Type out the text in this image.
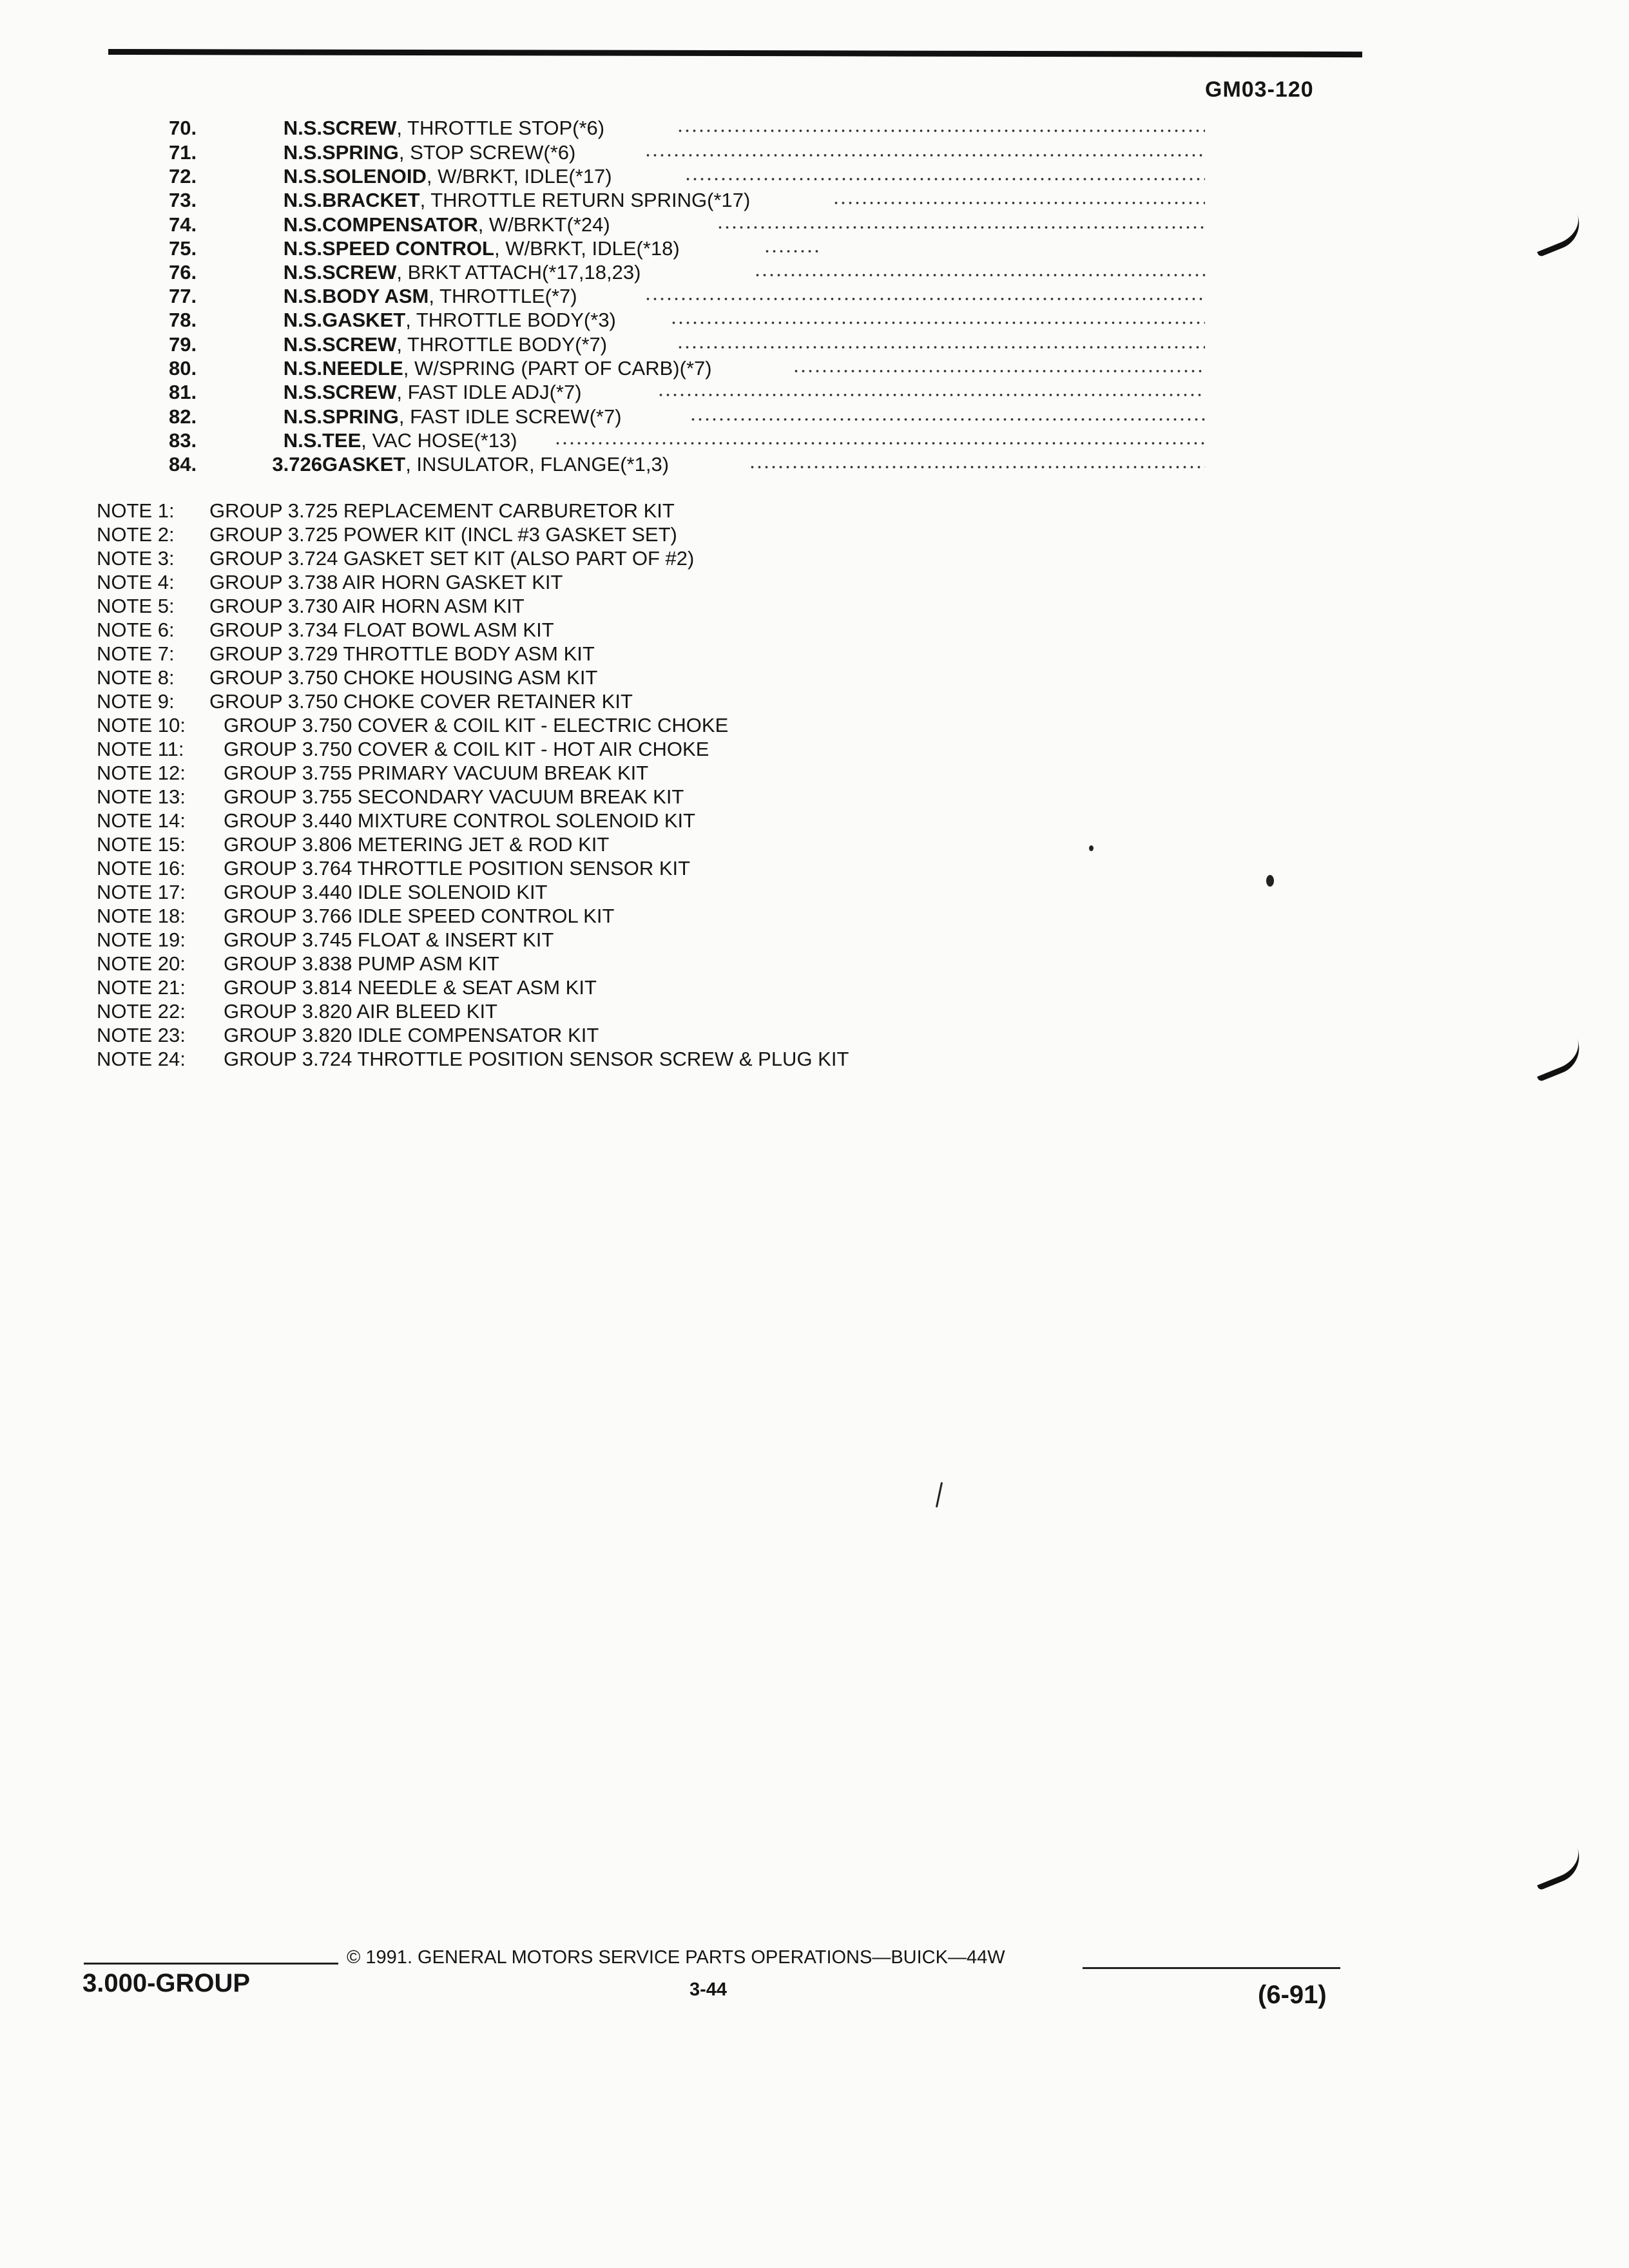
GM03-120
70.	N.S. SCREW, THROTTLE STOP(*6)
71.	N.S. SPRING, STOP SCREW(*6)
72.	N.S. SOLENOID, W/BRKT, IDLE(*17)
73.	N.S. BRACKET, THROTTLE RETURN SPRING(*17)
74.	N.S. COMPENSATOR, W/BRKT(*24)
75.	N.S. SPEED CONTROL, W/BRKT, IDLE(*18)
76.	N.S. SCREW, BRKT ATTACH(*17,18,23)
77.	N.S. BODY ASM, THROTTLE(*7)
78.	N.S. GASKET, THROTTLE BODY(*3)
79.	N.S. SCREW, THROTTLE BODY(*7)
80.	N.S. NEEDLE, W/SPRING (PART OF CARB)(*7)
81.	N.S. SCREW, FAST IDLE ADJ(*7)
82.	N.S. SPRING, FAST IDLE SCREW(*7)
83.	N.S. TEE, VAC HOSE(*13)
84.	3.726 GASKET, INSULATOR, FLANGE(*1,3)
NOTE 1:	GROUP 3.725 REPLACEMENT CARBURETOR KIT
NOTE 2:	GROUP 3.725 POWER KIT (INCL #3 GASKET SET)
NOTE 3:	GROUP 3.724 GASKET SET KIT (ALSO PART OF #2)
NOTE 4:	GROUP 3.738 AIR HORN GASKET KIT
NOTE 5:	GROUP 3.730 AIR HORN ASM KIT
NOTE 6:	GROUP 3.734 FLOAT BOWL ASM KIT
NOTE 7:	GROUP 3.729 THROTTLE BODY ASM KIT
NOTE 8:	GROUP 3.750 CHOKE HOUSING ASM KIT
NOTE 9:	GROUP 3.750 CHOKE COVER RETAINER KIT
NOTE 10:	GROUP 3.750 COVER & COIL KIT - ELECTRIC CHOKE
NOTE 11:	GROUP 3.750 COVER & COIL KIT - HOT AIR CHOKE
NOTE 12:	GROUP 3.755 PRIMARY VACUUM BREAK KIT
NOTE 13:	GROUP 3.755 SECONDARY VACUUM BREAK KIT
NOTE 14:	GROUP 3.440 MIXTURE CONTROL SOLENOID KIT
NOTE 15:	GROUP 3.806 METERING JET & ROD KIT
NOTE 16:	GROUP 3.764 THROTTLE POSITION SENSOR KIT
NOTE 17:	GROUP 3.440 IDLE SOLENOID KIT
NOTE 18:	GROUP 3.766 IDLE SPEED CONTROL KIT
NOTE 19:	GROUP 3.745 FLOAT & INSERT KIT
NOTE 20:	GROUP 3.838 PUMP ASM KIT
NOTE 21:	GROUP 3.814 NEEDLE & SEAT ASM KIT
NOTE 22:	GROUP 3.820 AIR BLEED KIT
NOTE 23:	GROUP 3.820 IDLE COMPENSATOR KIT
NOTE 24:	GROUP 3.724 THROTTLE POSITION SENSOR SCREW & PLUG KIT
© 1991. GENERAL MOTORS SERVICE PARTS OPERATIONS—BUICK—44W
3.000-GROUP	3-44	(6-91)
